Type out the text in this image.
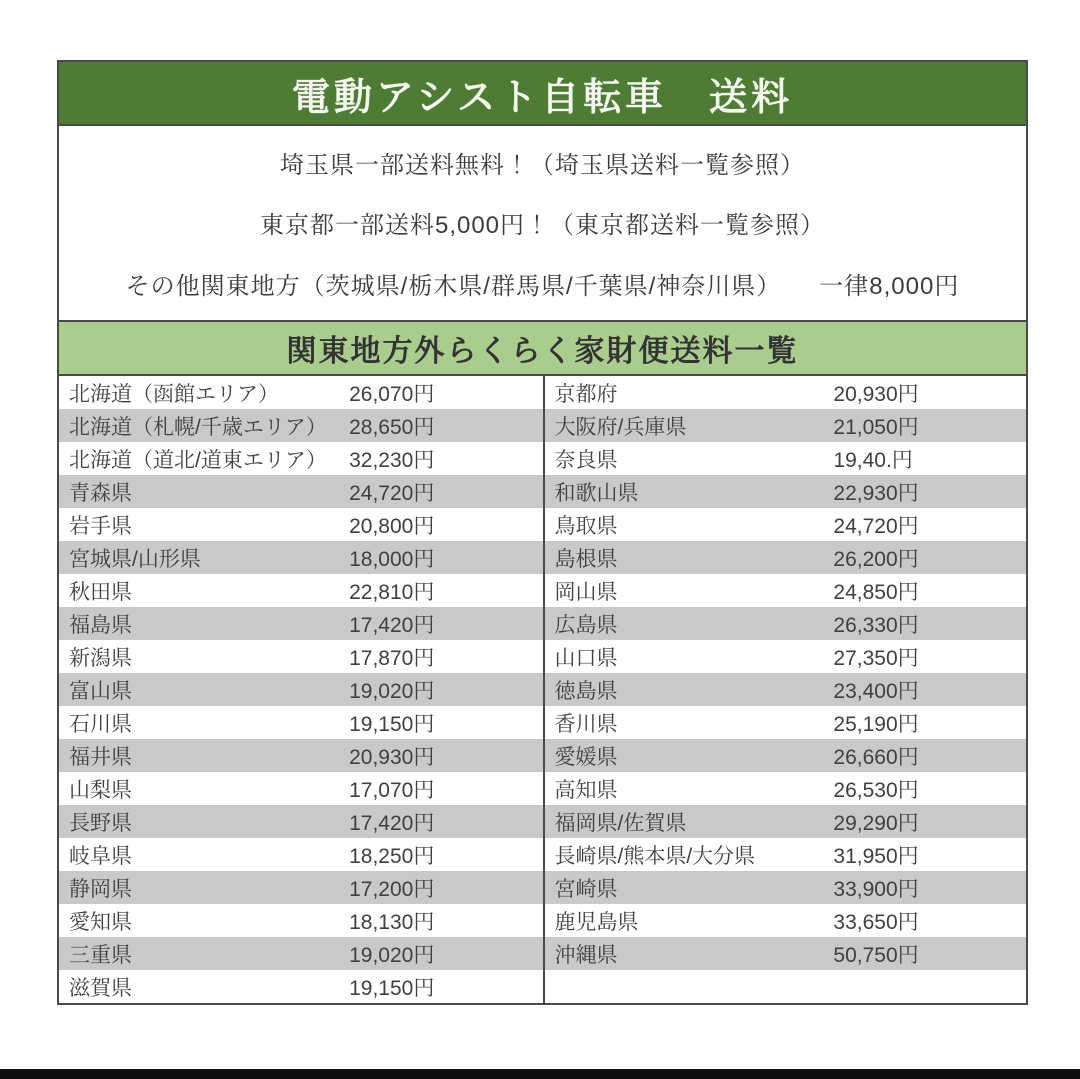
電動アシスト自転車　送料
埼玉県一部送料無料！（埼玉県送料一覧参照）
東京都一部送料5,000円！（東京都送料一覧参照）
その他関東地方（茨城県/栃木県/群馬県/千葉県/神奈川県）　　一律8,000円
関東地方外らくらく家財便送料一覧
北海道（函館エリア）	26,070円	京都府	20,930円
北海道（札幌/千歳エリア）	28,650円	大阪府/兵庫県	21,050円
北海道（道北/道東エリア）	32,230円	奈良県	19,40.円
青森県	24,720円	和歌山県	22,930円
岩手県	20,800円	鳥取県	24,720円
宮城県/山形県	18,000円	島根県	26,200円
秋田県	22,810円	岡山県	24,850円
福島県	17,420円	広島県	26,330円
新潟県	17,870円	山口県	27,350円
富山県	19,020円	徳島県	23,400円
石川県	19,150円	香川県	25,190円
福井県	20,930円	愛媛県	26,660円
山梨県	17,070円	高知県	26,530円
長野県	17,420円	福岡県/佐賀県	29,290円
岐阜県	18,250円	長崎県/熊本県/大分県	31,950円
静岡県	17,200円	宮崎県	33,900円
愛知県	18,130円	鹿児島県	33,650円
三重県	19,020円	沖縄県	50,750円
滋賀県	19,150円
